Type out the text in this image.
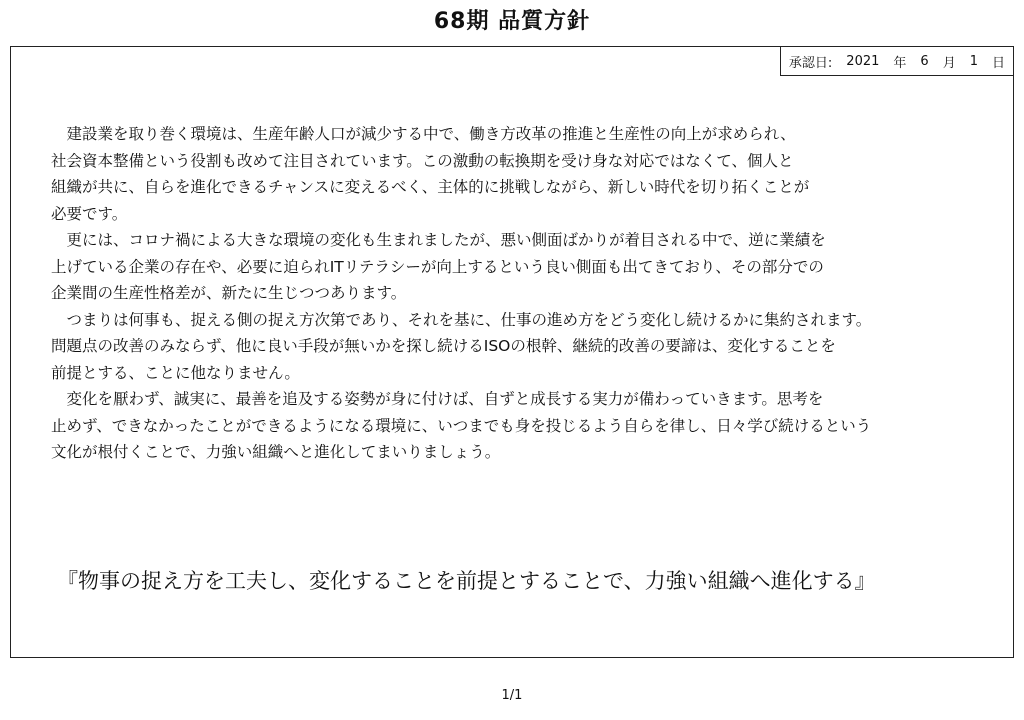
68期 品質方針
承認日: 2021 年 6 月 1 日

　建設業を取り巻く環境は、生産年齢人口が減少する中で、働き方改革の推進と生産性の向上が求められ、

社会資本整備という役割も改めて注目されています。この激動の転換期を受け身な対応ではなくて、個人と

組織が共に、自らを進化できるチャンスに変えるべく、主体的に挑戦しながら、新しい時代を切り拓くことが

必要です。

　更には、コロナ禍による大きな環境の変化も生まれましたが、悪い側面ばかりが着目される中で、逆に業績を

上げている企業の存在や、必要に迫られITリテラシーが向上するという良い側面も出てきており、その部分での

企業間の生産性格差が、新たに生じつつあります。

　つまりは何事も、捉える側の捉え方次第であり、それを基に、仕事の進め方をどう変化し続けるかに集約されます。

問題点の改善のみならず、他に良い手段が無いかを探し続けるISOの根幹、継続的改善の要諦は、変化することを

前提とする、ことに他なりません。

　変化を厭わず、誠実に、最善を追及する姿勢が身に付けば、自ずと成長する実力が備わっていきます。思考を

止めず、できなかったことができるようになる環境に、いつまでも身を投じるよう自らを律し、日々学び続けるという

文化が根付くことで、力強い組織へと進化してまいりましょう。

『物事の捉え方を工夫し、変化することを前提とすることで、力強い組織へ進化する』
1/1
